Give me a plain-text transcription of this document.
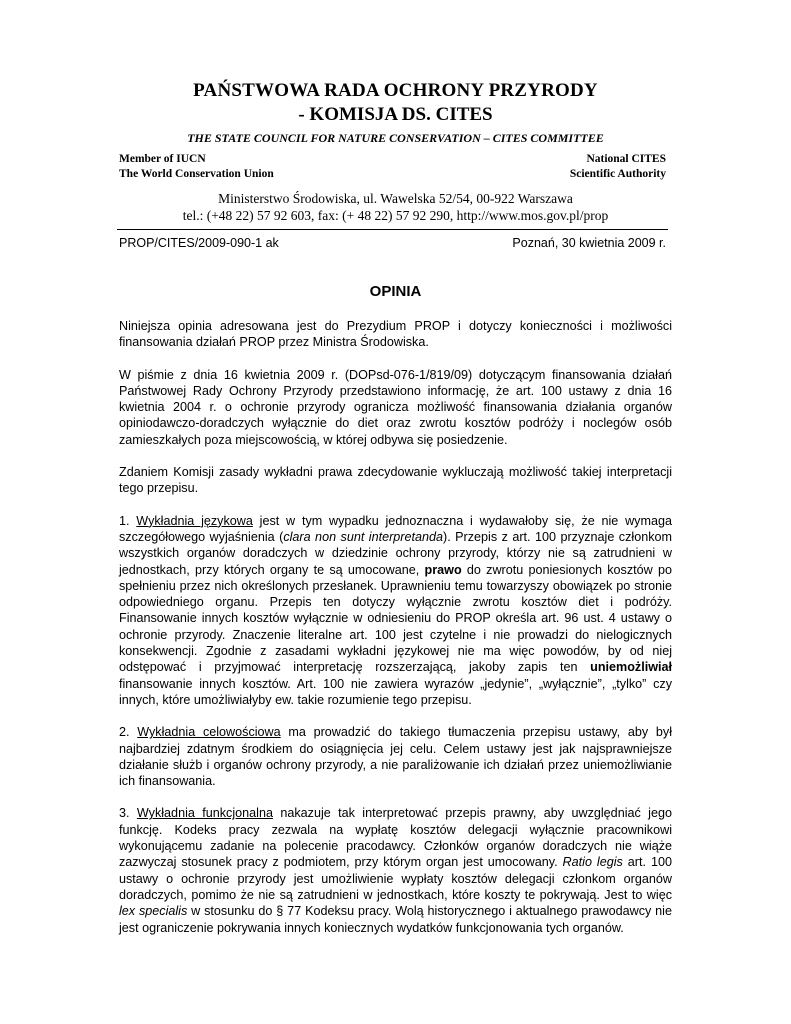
PAŃSTWOWA RADA OCHRONY PRZYRODY
- KOMISJA DS. CITES
THE STATE COUNCIL FOR NATURE CONSERVATION – CITES COMMITTEE
Member of IUCN
The World Conservation Union
National CITES
Scientific Authority
Ministerstwo Środowiska, ul. Wawelska 52/54, 00-922 Warszawa
tel.: (+48 22) 57 92 603, fax: (+ 48 22) 57 92 290, http://www.mos.gov.pl/prop
PROP/CITES/2009-090-1 ak	Poznań, 30 kwietnia 2009 r.
OPINIA

Niniejsza opinia adresowana jest do Prezydium PROP i dotyczy konieczności i możliwości finansowania działań PROP przez Ministra Środowiska.

W piśmie z dnia 16 kwietnia 2009 r. (DOPsd-076-1/819/09) dotyczącym finansowania działań Państwowej Rady Ochrony Przyrody przedstawiono informację, że art. 100 ustawy z dnia 16 kwietnia 2004 r. o ochronie przyrody ogranicza możliwość finansowania działania organów opiniodawczo-doradczych wyłącznie do diet oraz zwrotu kosztów podróży i noclegów osób zamieszkałych poza miejscowością, w której odbywa się posiedzenie.

Zdaniem Komisji zasady wykładni prawa zdecydowanie wykluczają możliwość takiej interpretacji tego przepisu.

1. Wykładnia językowa jest w tym wypadku jednoznaczna i wydawałoby się, że nie wymaga szczegółowego wyjaśnienia (clara non sunt interpretanda). Przepis z art. 100 przyznaje członkom wszystkich organów doradczych w dziedzinie ochrony przyrody, którzy nie są zatrudnieni w jednostkach, przy których organy te są umocowane, prawo do zwrotu poniesionych kosztów po spełnieniu przez nich określonych przesłanek. Uprawnieniu temu towarzyszy obowiązek po stronie odpowiedniego organu. Przepis ten dotyczy wyłącznie zwrotu kosztów diet i podróży. Finansowanie innych kosztów wyłącznie w odniesieniu do PROP określa art. 96 ust. 4 ustawy o ochronie przyrody. Znaczenie literalne art. 100 jest czytelne i nie prowadzi do nielogicznych konsekwencji. Zgodnie z zasadami wykładni językowej nie ma więc powodów, by od niej odstępować i przyjmować interpretację rozszerzającą, jakoby zapis ten uniemożliwiał finansowanie innych kosztów. Art. 100 nie zawiera wyrazów „jedynie”, „wyłącznie”, „tylko” czy innych, które umożliwiałyby ew. takie rozumienie tego przepisu.

2. Wykładnia celowościowa ma prowadzić do takiego tłumaczenia przepisu ustawy, aby był najbardziej zdatnym środkiem do osiągnięcia jej celu. Celem ustawy jest jak najsprawniejsze działanie służb i organów ochrony przyrody, a nie paraliżowanie ich działań przez uniemożliwianie ich finansowania.

3. Wykładnia funkcjonalna nakazuje tak interpretować przepis prawny, aby uwzględniać jego funkcję. Kodeks pracy zezwala na wypłatę kosztów delegacji wyłącznie pracownikowi wykonującemu zadanie na polecenie pracodawcy. Członków organów doradczych nie wiąże zazwyczaj stosunek pracy z podmiotem, przy którym organ jest umocowany. Ratio legis art. 100 ustawy o ochronie przyrody jest umożliwienie wypłaty kosztów delegacji członkom organów doradczych, pomimo że nie są zatrudnieni w jednostkach, które koszty te pokrywają. Jest to więc lex specialis w stosunku do § 77 Kodeksu pracy. Wolą historycznego i aktualnego prawodawcy nie jest ograniczenie pokrywania innych koniecznych wydatków funkcjonowania tych organów.
